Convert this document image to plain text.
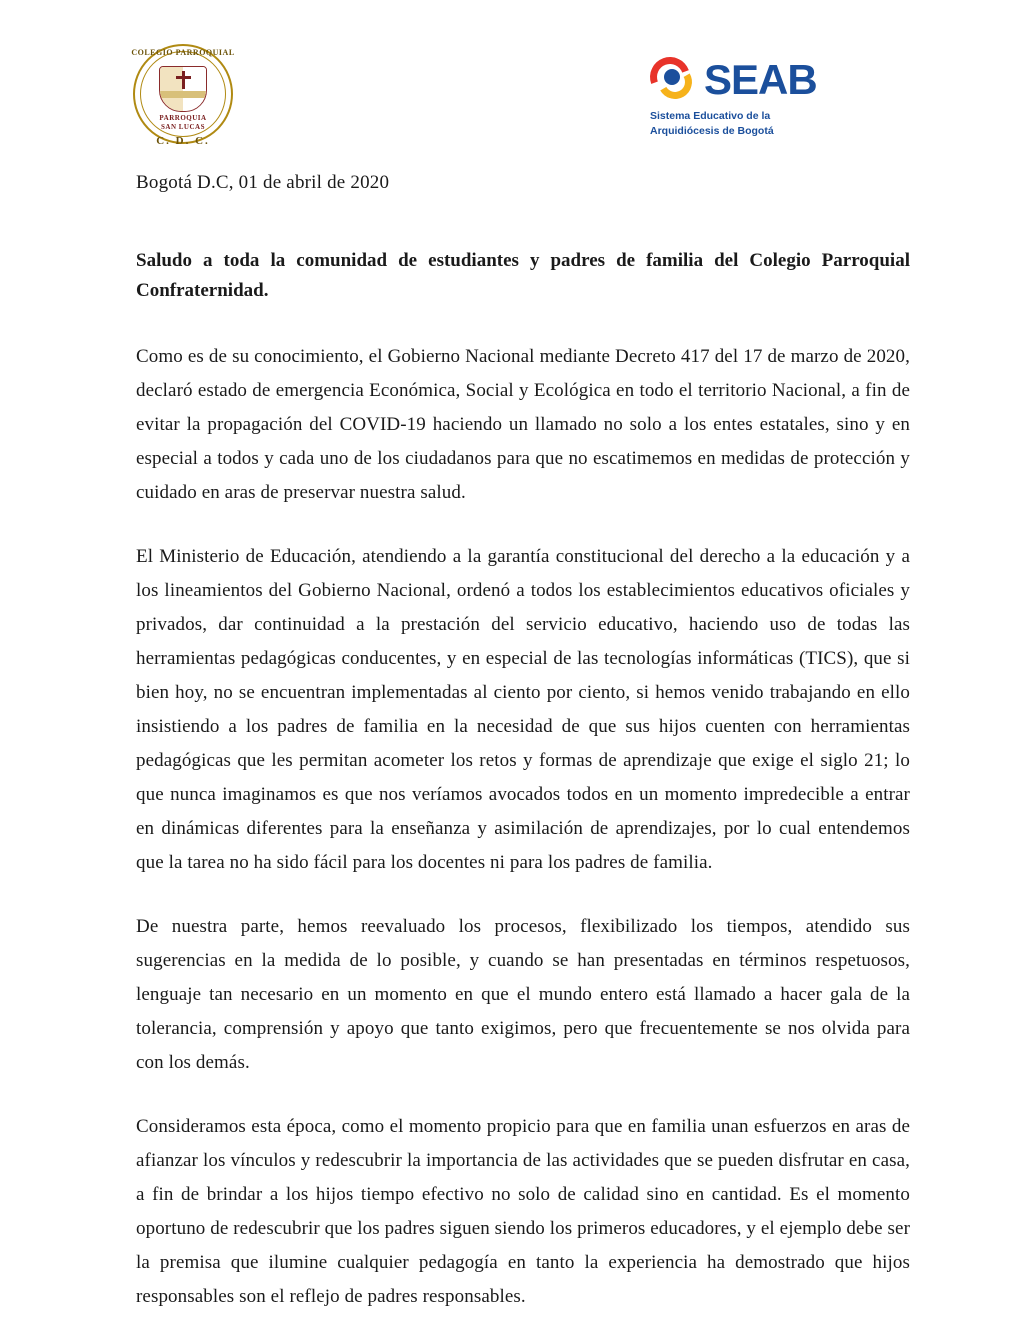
COLEGIO PARROQUIAL
PARROQUIA
SAN LUCAS
C. D. C.
SEAB
Sistema Educativo de la
Arquidiócesis de Bogotá
Bogotá D.C, 01 de abril de 2020
Saludo a toda la comunidad de estudiantes y padres de familia del Colegio Parroquial Confraternidad.

Como es de su conocimiento, el Gobierno Nacional mediante Decreto 417 del 17 de marzo de 2020, declaró estado de emergencia Económica, Social y Ecológica en todo el territorio Nacional, a fin de evitar la propagación del COVID-19 haciendo un llamado no solo a los entes estatales, sino y en especial a todos y cada uno de los ciudadanos para que no escatimemos en medidas de protección y cuidado en aras de preservar nuestra salud.

El Ministerio de Educación, atendiendo a la garantía constitucional del derecho a la educación y a los lineamientos del Gobierno Nacional, ordenó a todos los establecimientos educativos oficiales y privados, dar continuidad a la prestación del servicio educativo, haciendo uso de todas las herramientas pedagógicas conducentes, y en especial de las tecnologías informáticas (TICS), que si bien hoy, no se encuentran implementadas al ciento por ciento, si hemos venido trabajando en ello insistiendo a los padres de familia en la necesidad de que sus hijos cuenten con herramientas pedagógicas que les permitan acometer los retos y formas de aprendizaje que exige el siglo 21; lo que nunca imaginamos es que nos veríamos avocados todos en un momento impredecible a entrar en dinámicas diferentes para la enseñanza y asimilación de aprendizajes, por lo cual entendemos que la tarea no ha sido fácil para los docentes ni para los padres de familia.

De nuestra parte, hemos reevaluado los procesos, flexibilizado los tiempos, atendido sus sugerencias en la medida de lo posible, y cuando se han presentadas en términos respetuosos, lenguaje tan necesario en un momento en que el mundo entero está llamado a hacer gala de la tolerancia, comprensión y apoyo que tanto exigimos, pero que frecuentemente se nos olvida para con los demás.

Consideramos esta época, como el momento propicio para que en familia unan esfuerzos en aras de afianzar los vínculos y redescubrir la importancia de las actividades que se pueden disfrutar en casa, a fin de brindar a los hijos tiempo efectivo no solo de calidad sino en cantidad. Es el momento oportuno de redescubrir que los padres siguen siendo los primeros educadores, y el ejemplo debe ser la premisa que ilumine cualquier pedagogía en tanto la experiencia ha demostrado que hijos responsables son el reflejo de padres responsables.
